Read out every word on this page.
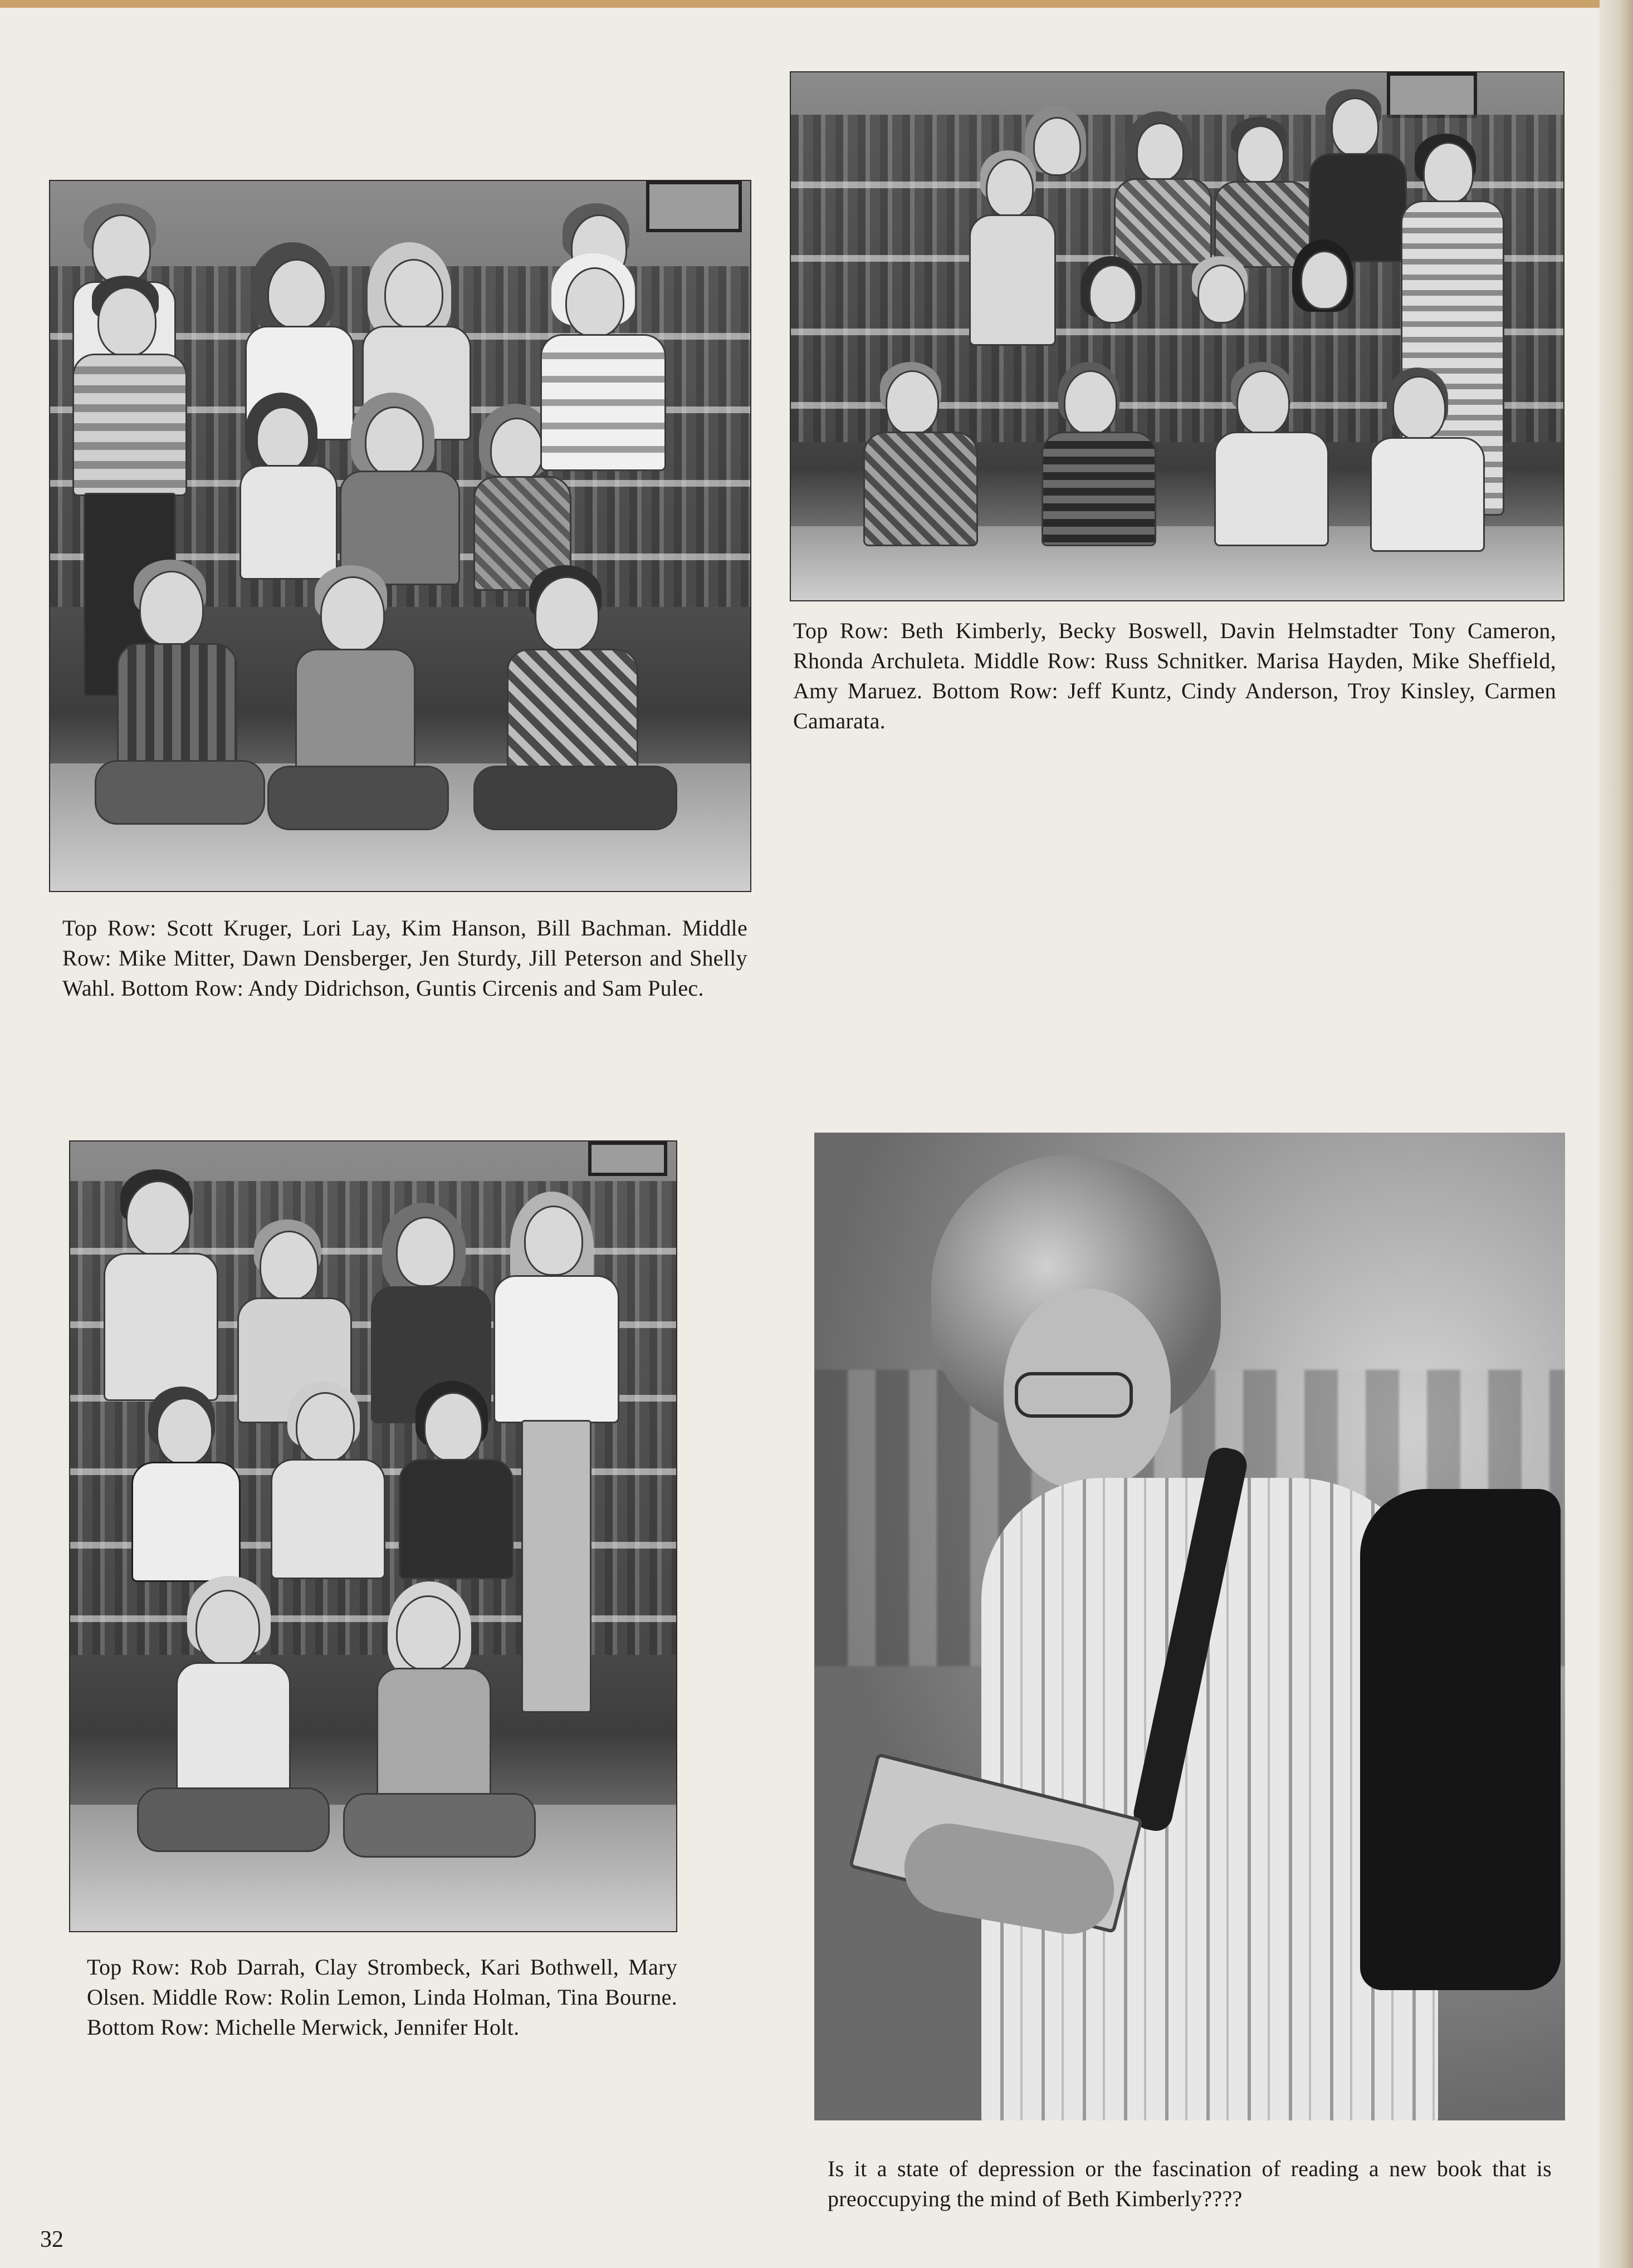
Top Row: Scott Kruger, Lori Lay, Kim Hanson, Bill Bachman. Middle Row: Mike Mitter, Dawn Densberger, Jen Sturdy, Jill Peterson and Shelly Wahl. Bottom Row: Andy Didrichson, Guntis Circenis and Sam Pulec.
Top Row: Beth Kimberly, Becky Boswell, Davin Helmstadter Tony Cameron, Rhonda Archuleta. Middle Row: Russ Schnitker. Marisa Hayden, Mike Sheffield, Amy Maruez. Bottom Row: Jeff Kuntz, Cindy Anderson, Troy Kinsley, Carmen Camarata.
Top Row: Rob Darrah, Clay Strombeck, Kari Bothwell, Mary Olsen. Middle Row: Rolin Lemon, Linda Holman, Tina Bourne. Bottom Row: Michelle Merwick, Jennifer Holt.
Is it a state of depression or the fascination of reading a new book that is preoccupying the mind of Beth Kimberly????
32
